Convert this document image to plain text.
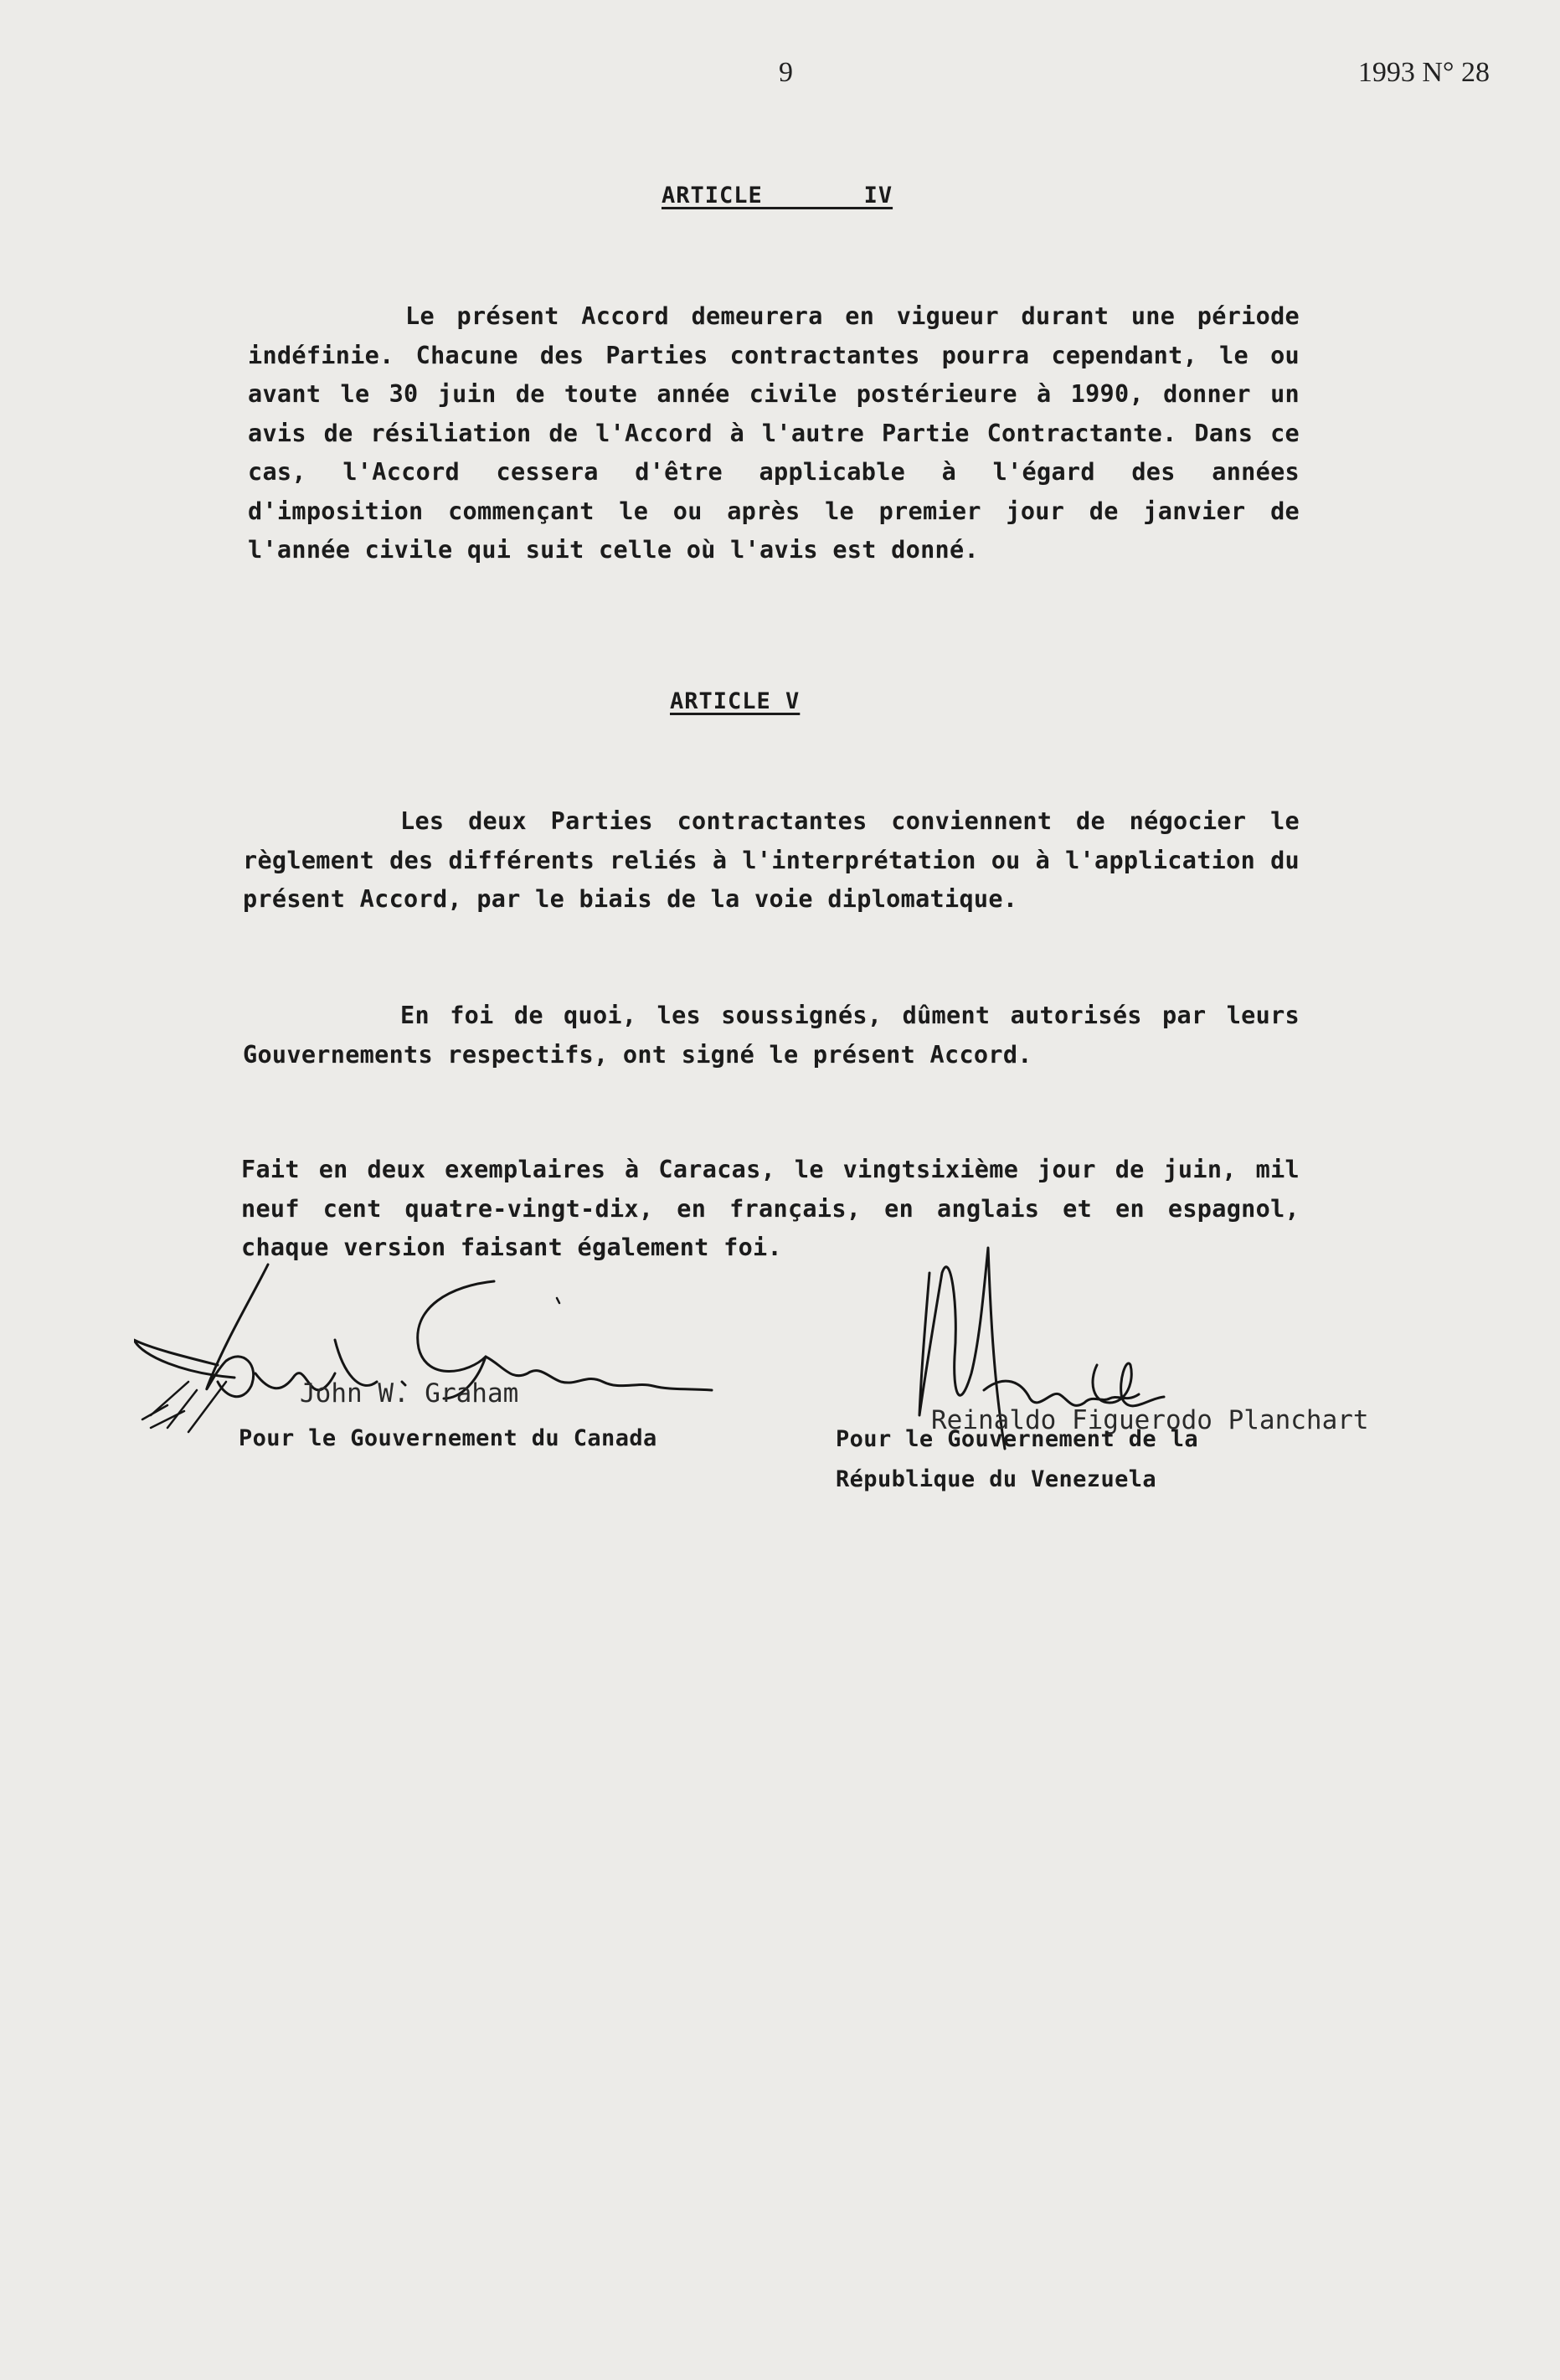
9	1993 N° 28
ARTICLE       IV

Le présent Accord demeurera en vigueur durant une période indéfinie. Chacune des Parties contractantes pourra cependant, le ou avant le 30 juin de toute année civile postérieure à 1990, donner un avis de résiliation de l'Accord à l'autre Partie Contractante. Dans ce cas, l'Accord cessera d'être applicable à l'égard des années d'imposition commençant le ou après le premier jour de janvier de l'année civile qui suit celle où l'avis est donné.

ARTICLE V

Les deux Parties contractantes conviennent de négocier le règlement des différents reliés à l'interprétation ou à l'application du présent Accord, par le biais de la voie diplomatique.

En foi de quoi, les soussignés, dûment autorisés par leurs Gouvernements respectifs, ont signé le présent Accord.

Fait en deux exemplaires à Caracas, le vingtsixième jour de juin, mil neuf cent quatre-vingt-dix, en français, en anglais et en espagnol, chaque version faisant également foi.

John W. Graham
Pour le Gouvernement du Canada
Reinaldo Figuerodo Planchart
Pour le Gouvernement de la
République du Venezuela
